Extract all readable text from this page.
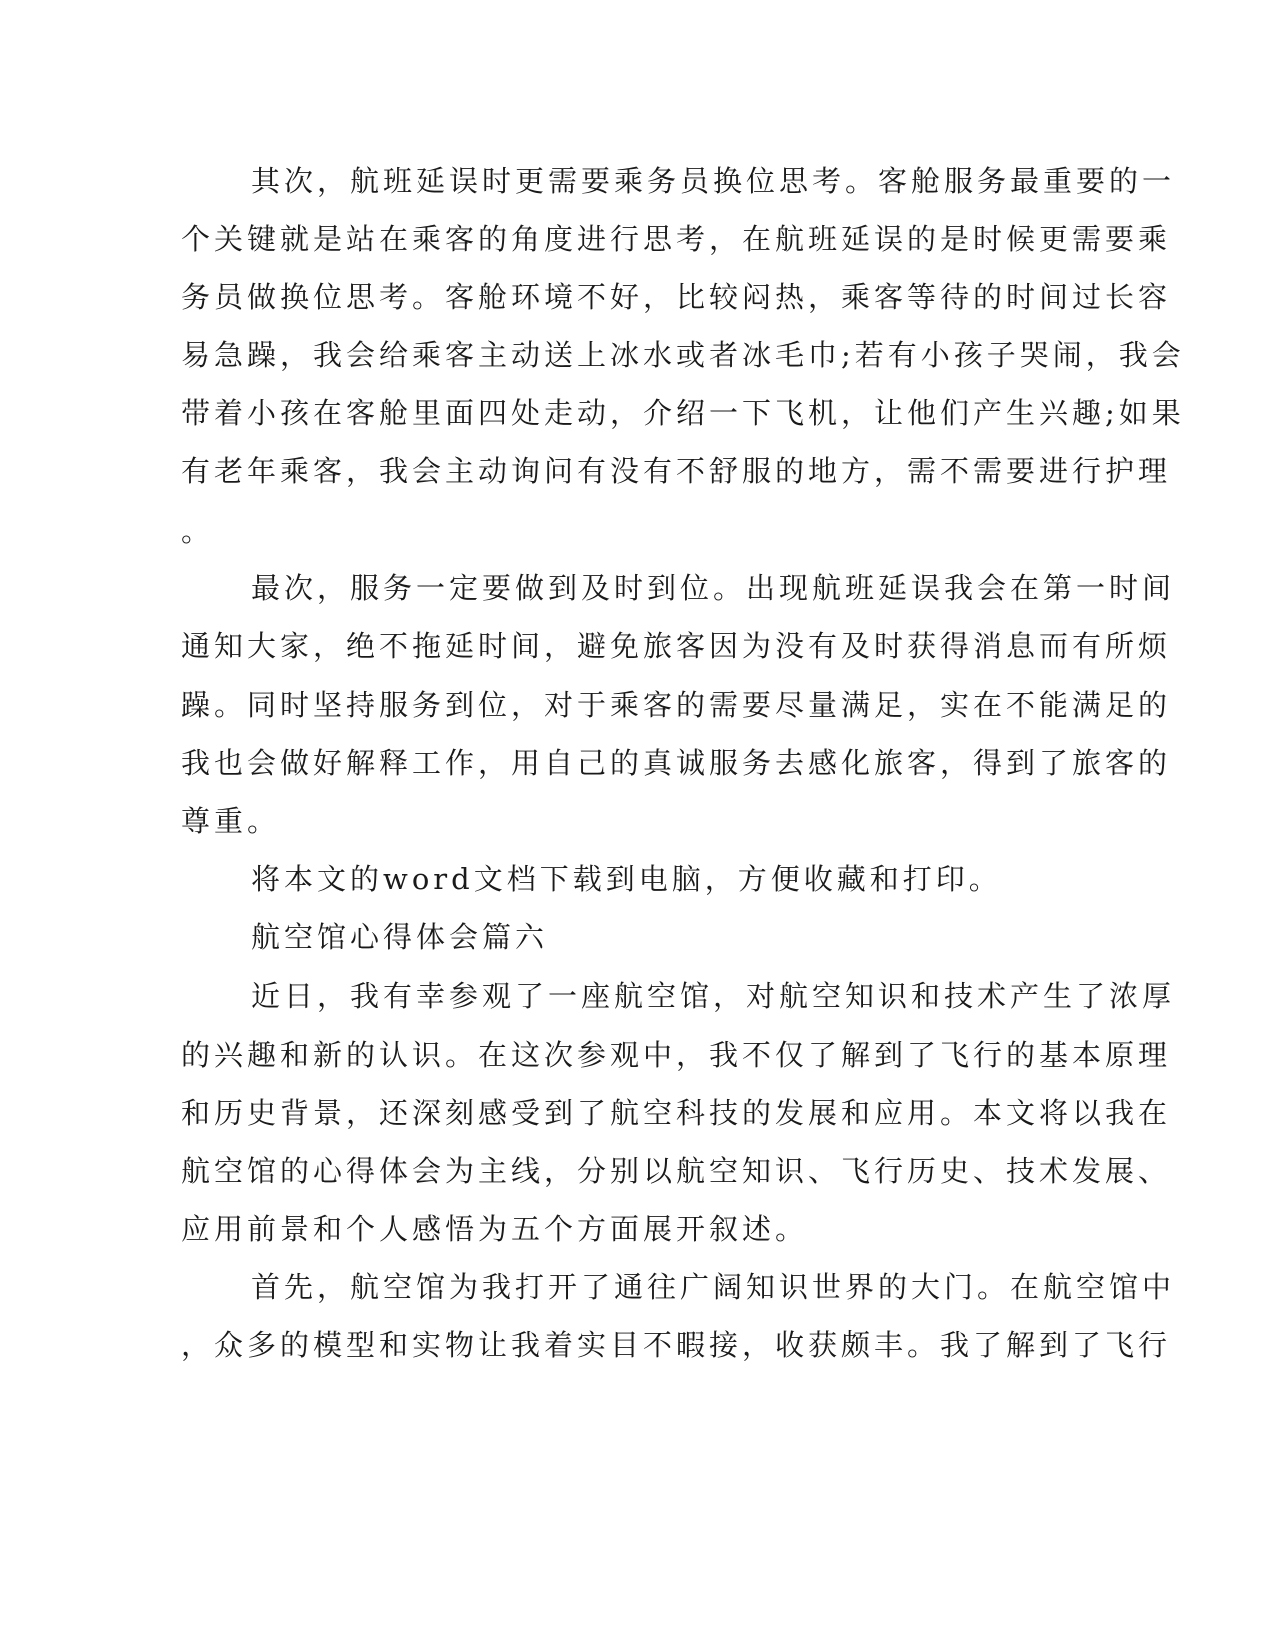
其次，航班延误时更需要乘务员换位思考。客舱服务最重要的一
个关键就是站在乘客的角度进行思考，在航班延误的是时候更需要乘
务员做换位思考。客舱环境不好，比较闷热，乘客等待的时间过长容
易急躁，我会给乘客主动送上冰水或者冰毛巾;若有小孩子哭闹，我会
带着小孩在客舱里面四处走动，介绍一下飞机，让他们产生兴趣;如果
有老年乘客，我会主动询问有没有不舒服的地方，需不需要进行护理
。
最次，服务一定要做到及时到位。出现航班延误我会在第一时间
通知大家，绝不拖延时间，避免旅客因为没有及时获得消息而有所烦
躁。同时坚持服务到位，对于乘客的需要尽量满足，实在不能满足的
我也会做好解释工作，用自己的真诚服务去感化旅客，得到了旅客的
尊重。
将本文的word文档下载到电脑，方便收藏和打印。
航空馆心得体会篇六
近日，我有幸参观了一座航空馆，对航空知识和技术产生了浓厚
的兴趣和新的认识。在这次参观中，我不仅了解到了飞行的基本原理
和历史背景，还深刻感受到了航空科技的发展和应用。本文将以我在
航空馆的心得体会为主线，分别以航空知识、飞行历史、技术发展、
应用前景和个人感悟为五个方面展开叙述。
首先，航空馆为我打开了通往广阔知识世界的大门。在航空馆中
，众多的模型和实物让我着实目不暇接，收获颇丰。我了解到了飞行
